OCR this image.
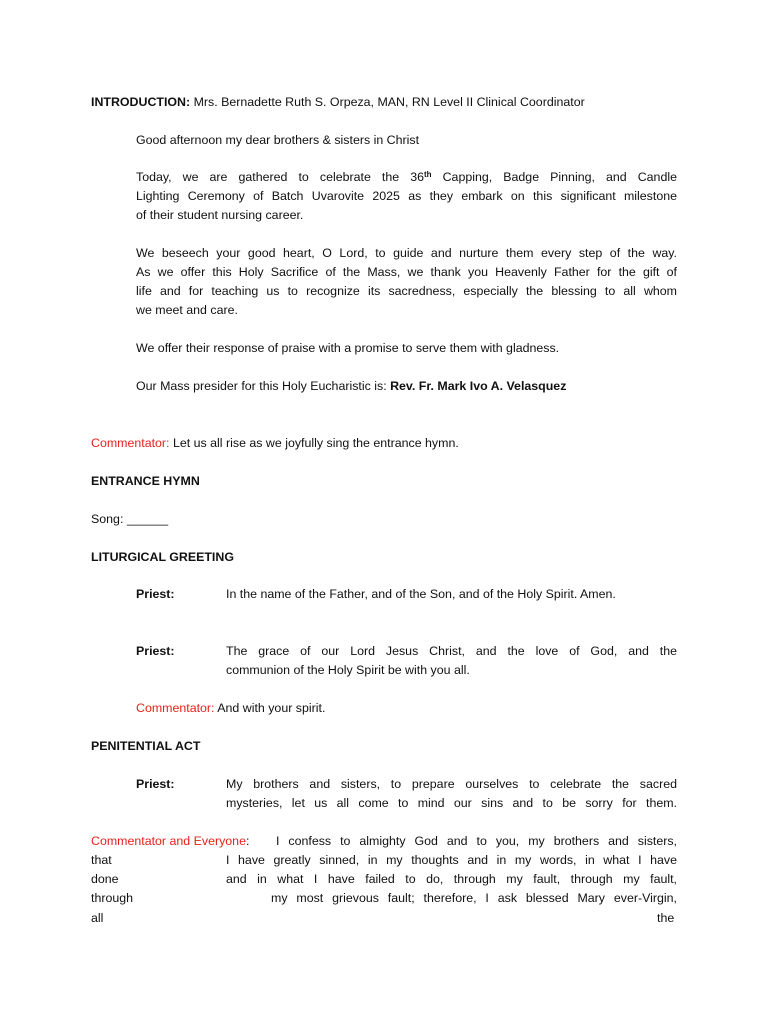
INTRODUCTION: Mrs. Bernadette Ruth S. Orpeza, MAN, RN Level II Clinical Coordinator
Good afternoon my dear brothers & sisters in Christ
Today, we are gathered to celebrate the 36th Capping, Badge Pinning, and Candle
Lighting Ceremony of Batch Uvarovite 2025 as they embark on this significant milestone
of their student nursing career.
We beseech your good heart, O Lord, to guide and nurture them every step of the way.
As we offer this Holy Sacrifice of the Mass, we thank you Heavenly Father for the gift of
life and for teaching us to recognize its sacredness, especially the blessing to all whom
we meet and care.
We offer their response of praise with a promise to serve them with gladness.
Our Mass presider for this Holy Eucharistic is: Rev. Fr. Mark Ivo A. Velasquez
Commentator: Let us all rise as we joyfully sing the entrance hymn.
ENTRANCE HYMN
Song: ______
LITURGICAL GREETING
Priest:	In the name of the Father, and of the Son, and of the Holy Spirit. Amen.
Priest:	The grace of our Lord Jesus Christ, and the love of God, and the
communion of the Holy Spirit be with you all.
Commentator: And with your spirit.
PENITENTIAL ACT
Priest:	My brothers and sisters, to prepare ourselves to celebrate the sacred
mysteries, let us all come to mind our sins and to be sorry for them.
Commentator and Everyone: I confess to almighty God and to you, my brothers and sisters,
that	I have greatly sinned, in my thoughts and in my words, in what I have
done	and in what I have failed to do, through my fault, through my fault,
through	my most grievous fault; therefore, I ask blessed Mary ever-Virgin,
all	the
